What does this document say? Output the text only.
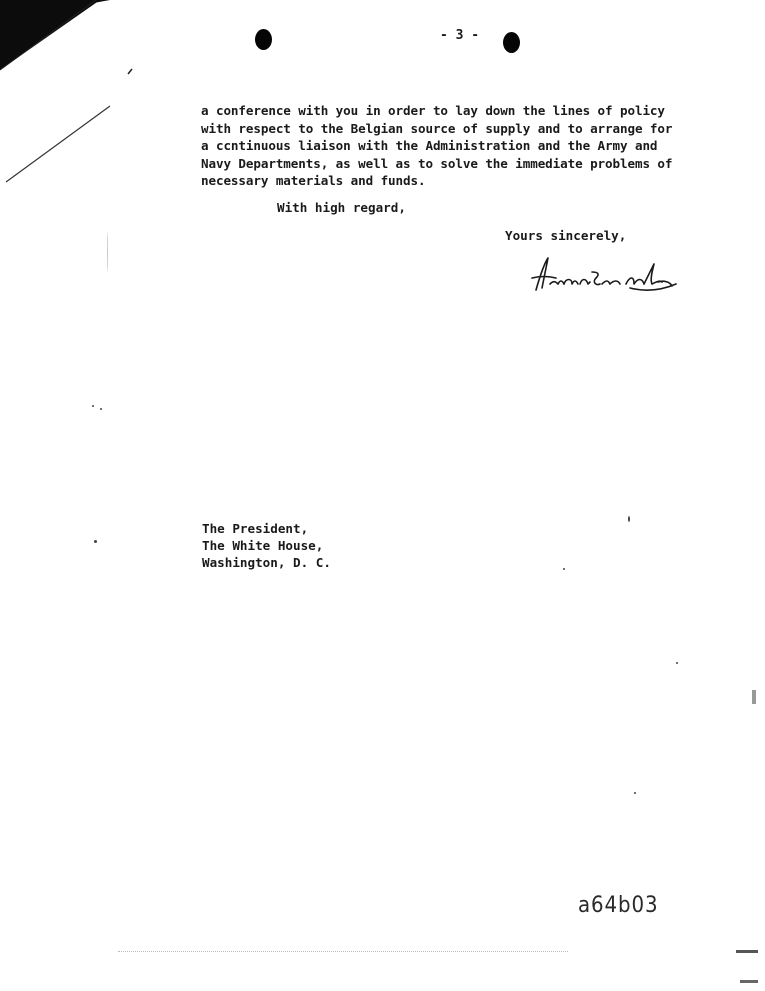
- 3 -
a conference with you in order to lay down the lines of policy
with respect to the Belgian source of supply and to arrange for
a ccntinuous liaison with the Administration and the Army and
Navy Departments, as well as to solve the immediate problems of
necessary materials and funds.
With high regard,
Yours sincerely,
The President,
The White House,
Washington, D. C.
a64b03
